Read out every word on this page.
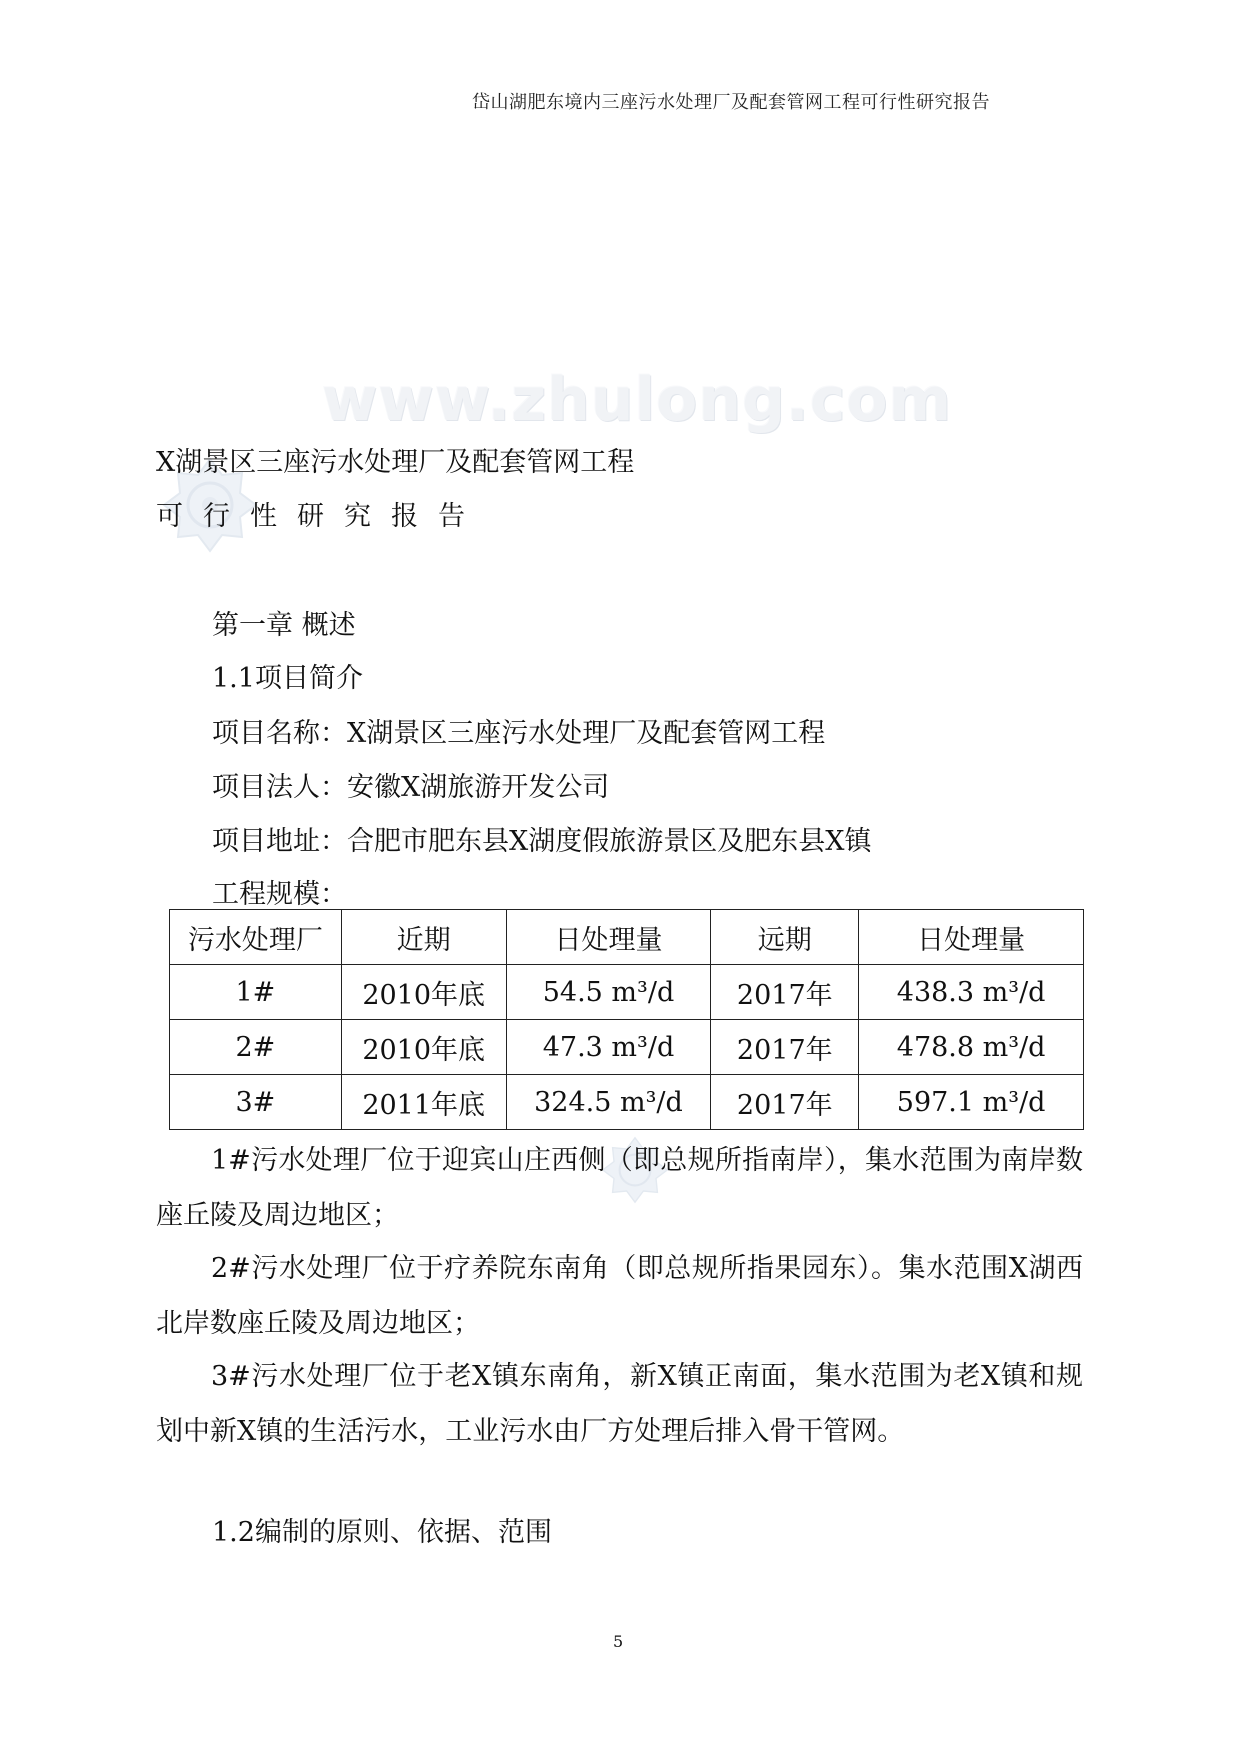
岱山湖肥东境内三座污水处理厂及配套管网工程可行性研究报告
www.zhulong.com
X湖景区三座污水处理厂及配套管网工程
可行性研究报告
第一章 概述
1.1项目简介
项目名称：X湖景区三座污水处理厂及配套管网工程
项目法人：安徽X湖旅游开发公司
项目地址：合肥市肥东县X湖度假旅游景区及肥东县X镇
工程规模：
污水处理厂	近期	日处理量	远期	日处理量
1#	2010年底	54.5 m³/d	2017年	438.3 m³/d
2#	2010年底	47.3 m³/d	2017年	478.8 m³/d
3#	2011年底	324.5 m³/d	2017年	597.1 m³/d
1#污水处理厂位于迎宾山庄西侧（即总规所指南岸），集水范围为南岸数座丘陵及周边地区；
2#污水处理厂位于疗养院东南角（即总规所指果园东）。集水范围X湖西北岸数座丘陵及周边地区；
3#污水处理厂位于老X镇东南角，新X镇正南面，集水范围为老X镇和规划中新X镇的生活污水，工业污水由厂方处理后排入骨干管网。
1.2编制的原则、依据、范围
5
